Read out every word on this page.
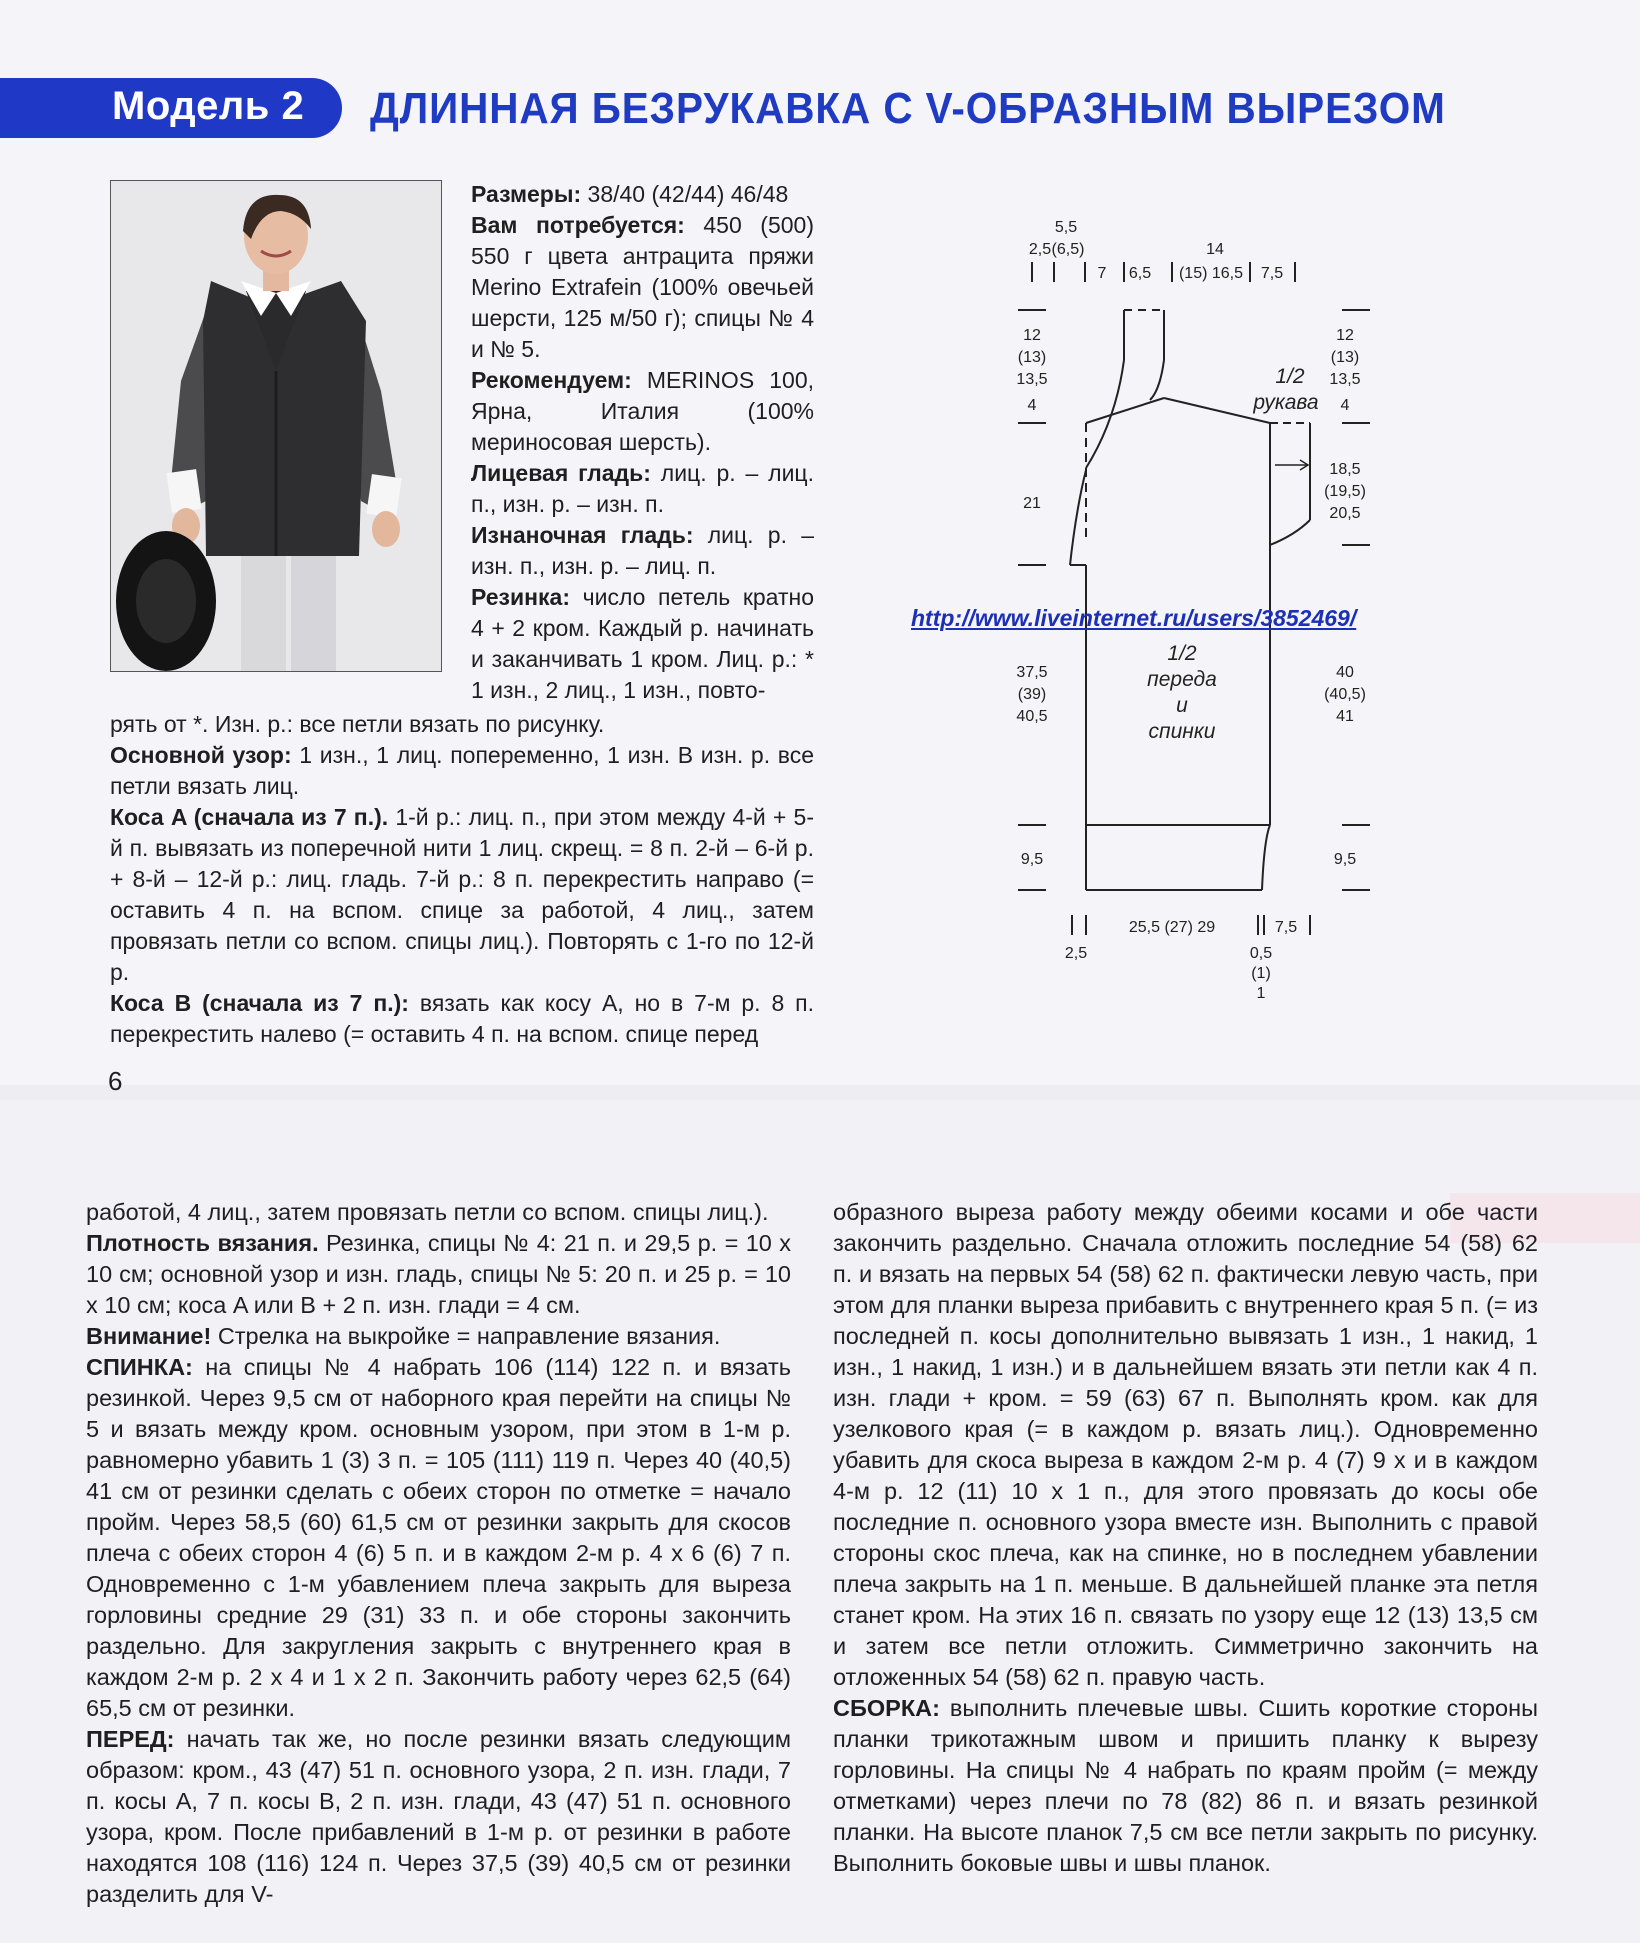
Модель 2 ДЛИННАЯ БЕЗРУКАВКА С V-ОБРАЗНЫМ ВЫРЕЗОМ

Размеры: 38/40 (42/44) 46/48

Вам потребуется: 450 (500) 550 г цвета антрацита пряжи Merino Extrafein (100% овечьей шерсти, 125 м/50 г); спицы № 4 и № 5.

Рекомендуем: MERINOS 100, Ярна, Италия (100% мериносовая шерсть).

Лицевая гладь: лиц. р. – лиц. п., изн. р. – изн. п.

Изнаночная гладь: лиц. р. – изн. п., изн. р. – лиц. п.

Резинка: число петель кратно 4 + 2 кром. Каждый р. начинать и заканчивать 1 кром. Лиц. р.: * 1 изн., 2 лиц., 1 изн., повто-

рять от *. Изн. р.: все петли вязать по рисунку.

Основной узор: 1 изн., 1 лиц. попеременно, 1 изн. В изн. р. все петли вязать лиц.

Коса A (сначала из 7 п.). 1-й р.: лиц. п., при этом между 4-й + 5-й п. вывязать из поперечной нити 1 лиц. скрещ. = 8 п. 2-й – 6-й р. + 8-й – 12-й р.: лиц. гладь. 7-й р.: 8 п. перекрестить направо (= оставить 4 п. на вспом. спице за работой, 4 лиц., затем провязать петли со вспом. спицы лиц.). Повторять с 1-го по 12-й р.

Коса B (сначала из 7 п.): вязать как косу A, но в 7-м р. 8 п. перекрестить налево (= оставить 4 п. на вспом. спице перед

6
5,5
2,5 (6,5)
7 6,5
14
(15) 16,5 7,5
12
(13)
13,5
4
21
37,5
(39)
40,5
9,5
12
(13)
13,5
4
18,5
(19,5)
20,5
40
(40,5)
41
9,5
2,5
25,5 (27) 29	7,5
0,5
(1)
1
1/2
рукава
1/2
переда
и
спинки
http://www.liveinternet.ru/users/3852469/

работой, 4 лиц., затем провязать петли со вспом. спицы лиц.).

Плотность вязания. Резинка, спицы № 4: 21 п. и 29,5 р. = 10 x 10 см; основной узор и изн. гладь, спицы № 5: 20 п. и 25 р. = 10 x 10 см; коса A или B + 2 п. изн. глади = 4 см.

Внимание! Стрелка на выкройке = направление вязания.

СПИНКА: на спицы № 4 набрать 106 (114) 122 п. и вязать резинкой. Через 9,5 см от наборного края перейти на спицы № 5 и вязать между кром. основным узором, при этом в 1-м р. равномерно убавить 1 (3) 3 п. = 105 (111) 119 п. Через 40 (40,5) 41 см от резинки сделать с обеих сторон по отметке = начало пройм. Через 58,5 (60) 61,5 см от резинки закрыть для скосов плеча с обеих сторон 4 (6) 5 п. и в каждом 2-м р. 4 x 6 (6) 7 п. Одновременно с 1-м убавлением плеча закрыть для выреза горловины средние 29 (31) 33 п. и обе стороны закончить раздельно. Для закругления закрыть с внутреннего края в каждом 2-м р. 2 x 4 и 1 x 2 п. Закончить работу через 62,5 (64) 65,5 см от резинки.

ПЕРЕД: начать так же, но после резинки вязать следующим образом: кром., 43 (47) 51 п. основного узора, 2 п. изн. глади, 7 п. косы A, 7 п. косы B, 2 п. изн. глади, 43 (47) 51 п. основного узора, кром. После прибавлений в 1-м р. от резинки в работе находятся 108 (116) 124 п. Через 37,5 (39) 40,5 см от резинки разделить для V-

образного выреза работу между обеими косами и обе части закончить раздельно. Сначала отложить последние 54 (58) 62 п. и вязать на первых 54 (58) 62 п. фактически левую часть, при этом для планки выреза прибавить с внутреннего края 5 п. (= из последней п. косы дополнительно вывязать 1 изн., 1 накид, 1 изн., 1 накид, 1 изн.) и в дальнейшем вязать эти петли как 4 п. изн. глади + кром. = 59 (63) 67 п. Выполнять кром. как для узелкового края (= в каждом р. вязать лиц.). Одновременно убавить для скоса выреза в каждом 2-м р. 4 (7) 9 x и в каждом 4-м р. 12 (11) 10 x 1 п., для этого провязать до косы обе последние п. основного узора вместе изн. Выполнить с правой стороны скос плеча, как на спинке, но в последнем убавлении плеча закрыть на 1 п. меньше. В дальнейшей планке эта петля станет кром. На этих 16 п. связать по узору еще 12 (13) 13,5 см и затем все петли отложить. Симметрично закончить на отложенных 54 (58) 62 п. правую часть.

СБОРКА: выполнить плечевые швы. Сшить короткие стороны планки трикотажным швом и пришить планку к вырезу горловины. На спицы № 4 набрать по краям пройм (= между отметками) через плечи по 78 (82) 86 п. и вязать резинкой планки. На высоте планок 7,5 см все петли закрыть по рисунку. Выполнить боковые швы и швы планок.
